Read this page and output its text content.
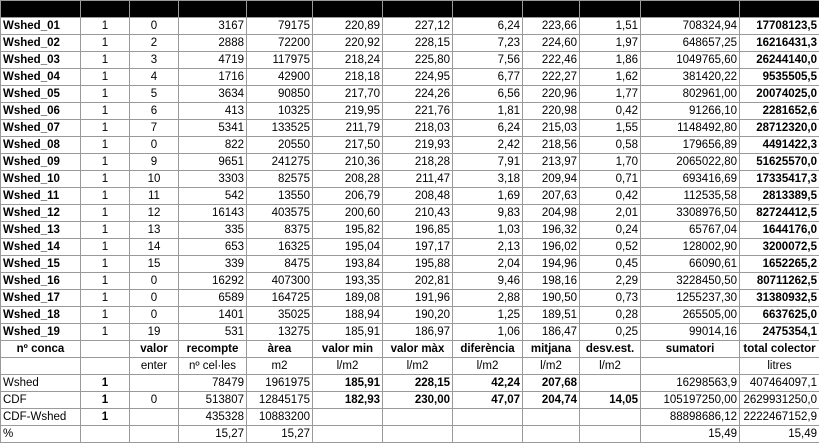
WSHED	Rowid	VALUE	COUNT	AREA	MIN	MAX	RANGE	MEAN	STD	SUM	SUM*25
Wshed_01	1	0	3167	79175	220,89	227,12	6,24	223,66	1,51	708324,94	17708123,5
Wshed_02	1	2	2888	72200	220,92	228,15	7,23	224,60	1,97	648657,25	16216431,3
Wshed_03	1	3	4719	117975	218,24	225,80	7,56	222,46	1,86	1049765,60	26244140,0
Wshed_04	1	4	1716	42900	218,18	224,95	6,77	222,27	1,62	381420,22	9535505,5
Wshed_05	1	5	3634	90850	217,70	224,26	6,56	220,96	1,77	802961,00	20074025,0
Wshed_06	1	6	413	10325	219,95	221,76	1,81	220,98	0,42	91266,10	2281652,6
Wshed_07	1	7	5341	133525	211,79	218,03	6,24	215,03	1,55	1148492,80	28712320,0
Wshed_08	1	0	822	20550	217,50	219,93	2,42	218,56	0,58	179656,89	4491422,3
Wshed_09	1	9	9651	241275	210,36	218,28	7,91	213,97	1,70	2065022,80	51625570,0
Wshed_10	1	10	3303	82575	208,28	211,47	3,18	209,94	0,71	693416,69	17335417,3
Wshed_11	1	11	542	13550	206,79	208,48	1,69	207,63	0,42	112535,58	2813389,5
Wshed_12	1	12	16143	403575	200,60	210,43	9,83	204,98	2,01	3308976,50	82724412,5
Wshed_13	1	13	335	8375	195,82	196,85	1,03	196,32	0,24	65767,04	1644176,0
Wshed_14	1	14	653	16325	195,04	197,17	2,13	196,02	0,52	128002,90	3200072,5
Wshed_15	1	15	339	8475	193,84	195,88	2,04	194,96	0,45	66090,61	1652265,2
Wshed_16	1	0	16292	407300	193,35	202,81	9,46	198,16	2,29	3228450,50	80711262,5
Wshed_17	1	0	6589	164725	189,08	191,96	2,88	190,50	0,73	1255237,30	31380932,5
Wshed_18	1	0	1401	35025	188,94	190,20	1,25	189,51	0,28	265505,00	6637625,0
Wshed_19	1	19	531	13275	185,91	186,97	1,06	186,47	0,25	99014,16	2475354,1
nº conca		valor	recompte	àrea	valor min	valor màx	diferència	mitjana	desv.est.	sumatori	total colector
		enter	nº cel·les	m2	l/m2	l/m2	l/m2	l/m2	l/m2		litres
Wshed	1		78479	1961975	185,91	228,15	42,24	207,68		16298563,9	407464097,1
CDF	1	0	513807	12845175	182,93	230,00	47,07	204,74	14,05	105197250,00	2629931250,0
CDF-Wshed	1		435328	10883200						88898686,12	2222467152,9
%			15,27	15,27						15,49	15,49
